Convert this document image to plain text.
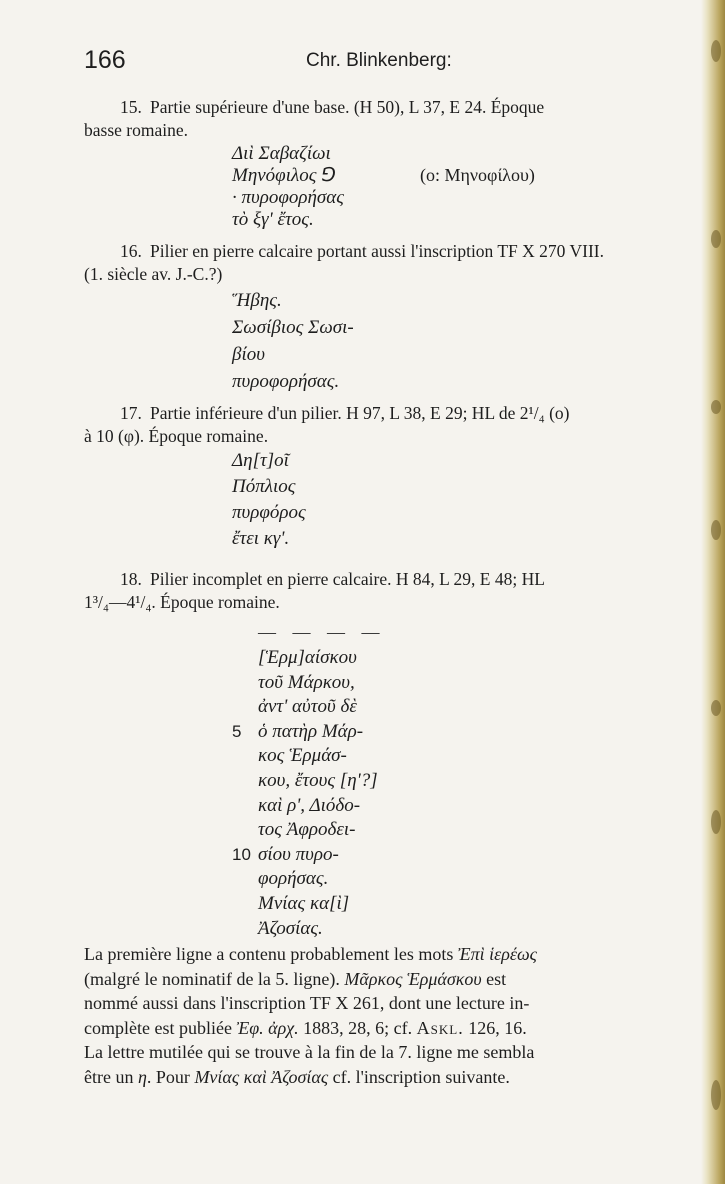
166	Chr. Blinkenberg:
15. Partie supérieure d'une base. (H 50), L 37, E 24. Époque
basse romaine.
Διὶ Σαβαζίωι
Μηνόφιλος ⅁
· πυροφορήσας
τὸ ξγ' ἔτος.
(ο: Μηνοφίλου)
16. Pilier en pierre calcaire portant aussi l'inscription TF X 270 VIII.
(1. siècle av. J.-C.?)
Ἥβης.
Σωσίβιος Σωσι-
βίου
πυροφορήσας.
17. Partie inférieure d'un pilier. H 97, L 38, E 29; HL de 2¹/₄ (ο)
à 10 (φ). Époque romaine.
Δη[τ]οῖ
Πόπλιος
πυρφόρος
ἔτει κγ'.
18. Pilier incomplet en pierre calcaire. H 84, L 29, E 48; HL
1³/₄—4¹/₄. Époque romaine.
— — — —
[Ἑρμ]αίσκου
τοῦ Μάρκου,
ἀντ' αὐτοῦ δὲ
5 ὁ πατὴρ Μάρ-
κος Ἑρμάσ-
κου, ἔτους [η'?]
καὶ ρ', Διόδο-
τος Ἀφροδει-
10 σίου πυρο-
φορήσας.
Μνίας κα[ὶ]
Ἀζοσίας.
La première ligne a contenu probablement les mots Ἐπὶ ἱερέως
(malgré le nominatif de la 5. ligne). Μᾶρκος Ἑρμάσκου est
nommé aussi dans l'inscription TF X 261, dont une lecture in-
complète est publiée Ἐφ. ἀρχ. 1883, 28, 6; cf. Askl. 126, 16.
La lettre mutilée qui se trouve à la fin de la 7. ligne me sembla
être un η. Pour Μνίας καὶ Ἀζοσίας cf. l'inscription suivante.
